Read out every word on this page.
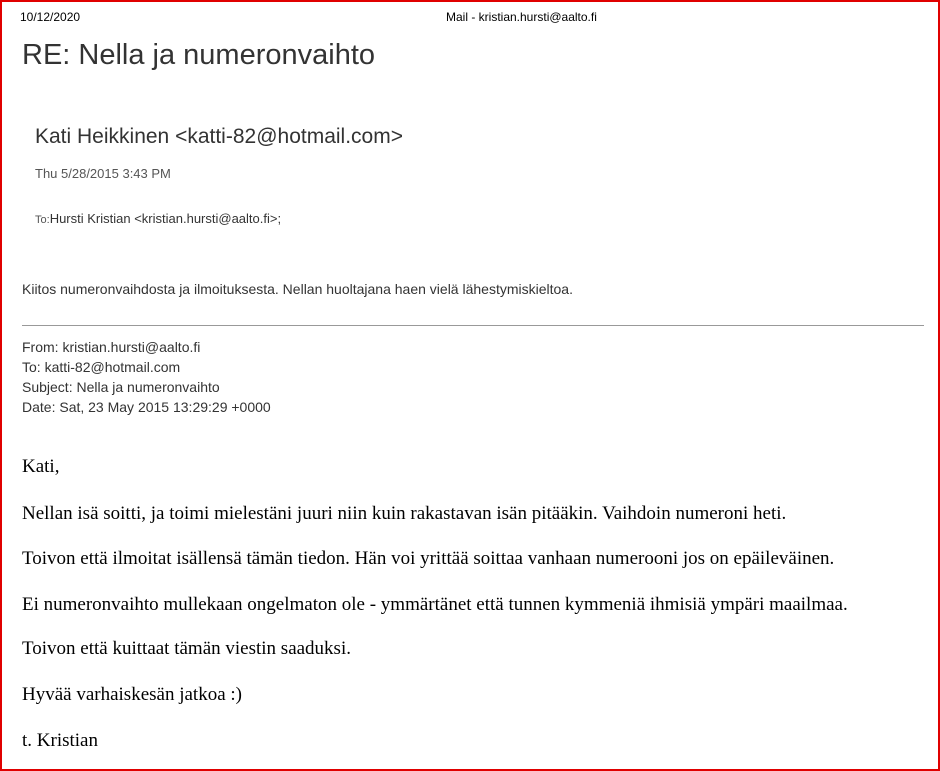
10/12/2020	Mail - kristian.hursti@aalto.fi
RE: Nella ja numeronvaihto
Kati Heikkinen <katti-82@hotmail.com>
Thu 5/28/2015 3:43 PM
To:Hursti Kristian <kristian.hursti@aalto.fi>;
Kiitos numeronvaihdosta ja ilmoituksesta. Nellan huoltajana haen vielä lähestymiskieltoa.
From: kristian.hursti@aalto.fi
To: katti-82@hotmail.com
Subject: Nella ja numeronvaihto
Date: Sat, 23 May 2015 13:29:29 +0000
Kati,
Nellan isä soitti, ja toimi mielestäni juuri niin kuin rakastavan isän pitääkin. Vaihdoin numeroni heti.
Toivon että ilmoitat isällensä tämän tiedon. Hän voi yrittää soittaa vanhaan numerooni jos on epäileväinen.
Ei numeronvaihto mullekaan ongelmaton ole - ymmärtänet että tunnen kymmeniä ihmisiä ympäri maailmaa.
Toivon että kuittaat tämän viestin saaduksi.
Hyvää varhaiskesän jatkoa :)
t. Kristian
